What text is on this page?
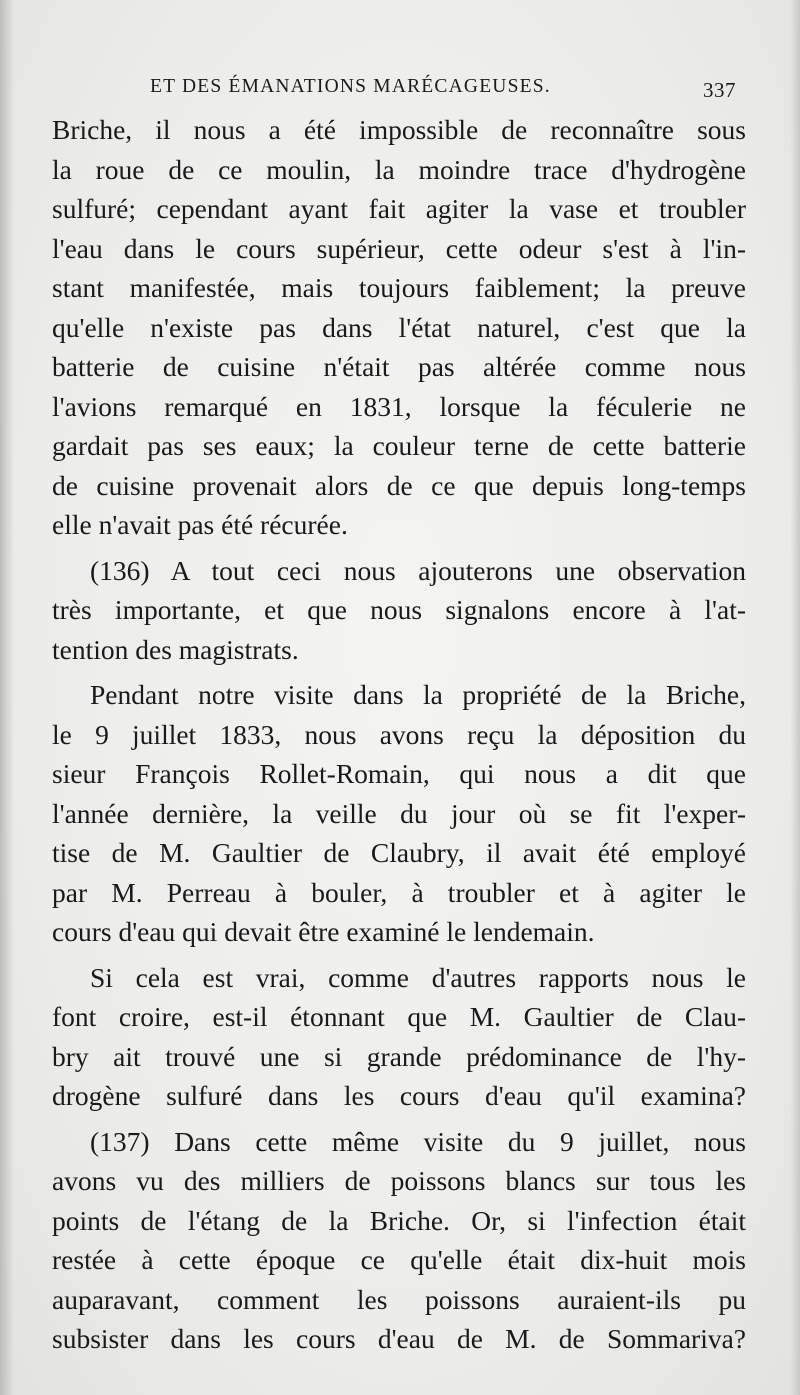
ET DES ÉMANATIONS MARÉCAGEUSES.	337
Briche, il nous a été impossible de reconnaître sous
la roue de ce moulin, la moindre trace d'hydrogène
sulfuré; cependant ayant fait agiter la vase et troubler
l'eau dans le cours supérieur, cette odeur s'est à l'in-
stant manifestée, mais toujours faiblement; la preuve
qu'elle n'existe pas dans l'état naturel, c'est que la
batterie de cuisine n'était pas altérée comme nous
l'avions remarqué en 1831, lorsque la féculerie ne
gardait pas ses eaux; la couleur terne de cette batterie
de cuisine provenait alors de ce que depuis long-temps
elle n'avait pas été récurée.
(136) A tout ceci nous ajouterons une observation
très importante, et que nous signalons encore à l'at-
tention des magistrats.
Pendant notre visite dans la propriété de la Briche,
le 9 juillet 1833, nous avons reçu la déposition du
sieur François Rollet-Romain, qui nous a dit que
l'année dernière, la veille du jour où se fit l'exper-
tise de M. Gaultier de Claubry, il avait été employé
par M. Perreau à bouler, à troubler et à agiter le
cours d'eau qui devait être examiné le lendemain.
Si cela est vrai, comme d'autres rapports nous le
font croire, est-il étonnant que M. Gaultier de Clau-
bry ait trouvé une si grande prédominance de l'hy-
drogène sulfuré dans les cours d'eau qu'il examina?
(137) Dans cette même visite du 9 juillet, nous
avons vu des milliers de poissons blancs sur tous les
points de l'étang de la Briche. Or, si l'infection était
restée à cette époque ce qu'elle était dix-huit mois
auparavant, comment les poissons auraient-ils pu
subsister dans les cours d'eau de M. de Sommariva?
